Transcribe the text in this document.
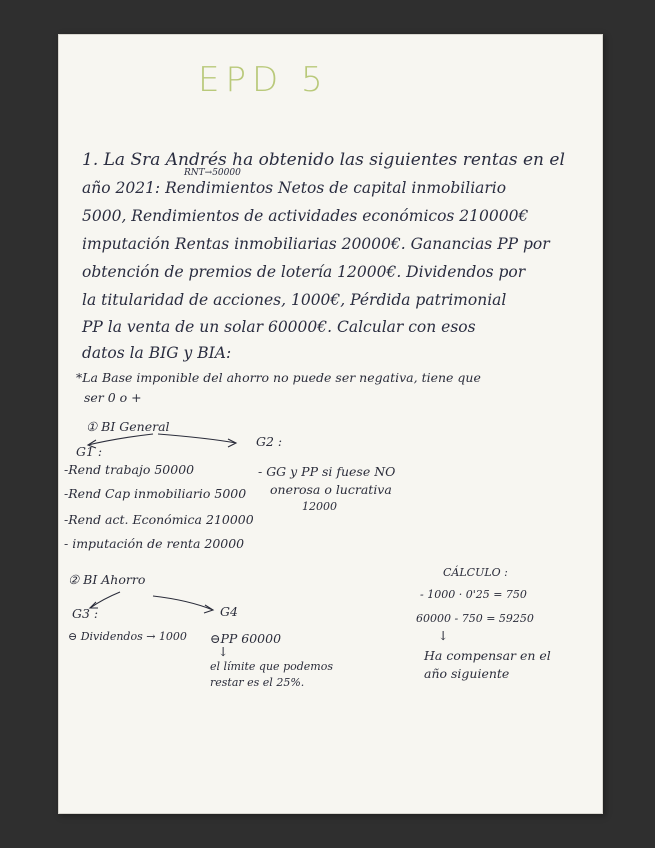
EPD 5
RNT→50000
1. La Sra Andrés ha obtenido las siguientes rentas en el
año 2021: Rendimientos Netos de capital inmobiliario
5000, Rendimientos de actividades económicos 210000€
imputación Rentas inmobiliarias 20000€. Ganancias PP por
obtención de premios de lotería 12000€. Dividendos por
la titularidad de acciones, 1000€, Pérdida patrimonial
PP la venta de un solar 60000€. Calcular con esos
datos la BIG y BIA:
*La Base imponible del ahorro no puede ser negativa, tiene que
ser 0 o +
① BI General
G1 :
G2 :
-Rend trabajo 50000
-Rend Cap inmobiliario 5000
-Rend act. Económica 210000
- imputación de renta 20000
- GG y PP si fuese NO
onerosa o lucrativa
12000
② BI Ahorro
G3 :	G4
⊖ Dividendos → 1000 ⊖PP 60000
↓
el límite que podemos
restar es el 25%.
CÁLCULO :
- 1000 · 0'25 = 750
60000 - 750 = 59250
↓
Ha compensar en el
año siguiente
